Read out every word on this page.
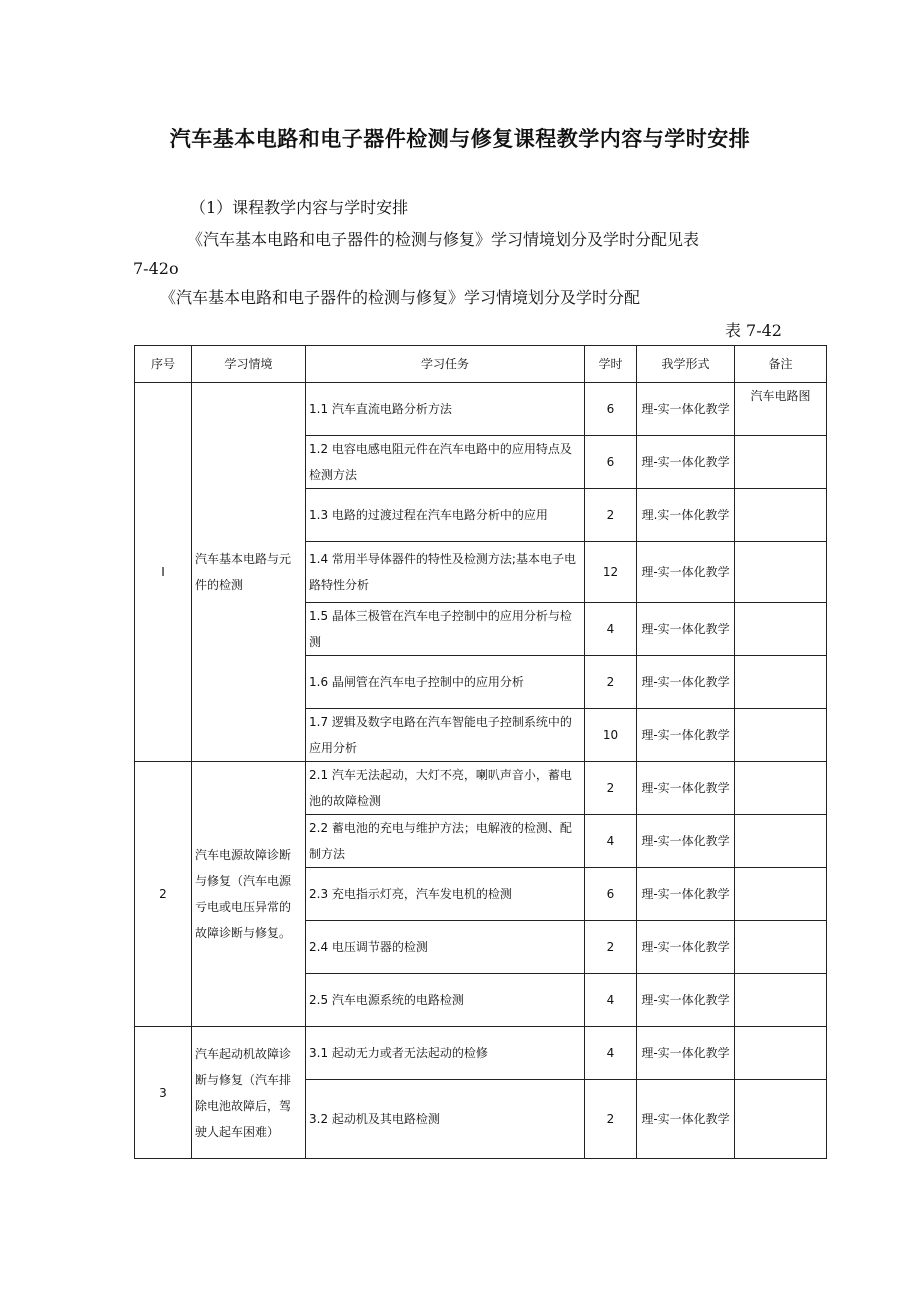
汽车基本电路和电子器件检测与修复课程教学内容与学时安排
（1）课程教学内容与学时安排
《汽车基本电路和电子器件的检测与修复》学习情境划分及学时分配见表
7-42o
《汽车基本电路和电子器件的检测与修复》学习情境划分及学时分配
表 7-42
序号	学习情境	学习任务	学时	我学形式	备注
I	汽车基本电路与元件的检测	1.1 汽车直流电路分析方法	6	理-实一体化教学	汽车电路图
		1.2 电容电感电阻元件在汽车电路中的应用特点及检测方法	6	理-实一体化教学	
		1.3 电路的过渡过程在汽车电路分析中的应用	2	理.实一体化教学	
		1.4 常用半导体器件的特性及检测方法;基本电子电路特性分析	12	理-实一体化教学	
		1.5 晶体三极管在汽车电子控制中的应用分析与检测	4	理-实一体化教学	
		1.6 晶闸管在汽车电子控制中的应用分析	2	理-实一体化教学	
		1.7 逻辑及数字电路在汽车智能电子控制系统中的应用分析	10	理-实一体化教学	
2	汽车电源故障诊断与修复（汽车电源亏电或电压异常的故障诊断与修复。	2.1 汽车无法起动，大灯不亮，喇叭声音小，蓄电池的故障检测	2	理-实一体化教学	
		2.2 蓄电池的充电与维护方法；电解液的检测、配制方法	4	理-实一体化教学	
		2.3 充电指示灯亮，汽车发电机的检测	6	理-实一体化教学	
		2.4 电压调节器的检测	2	理-实一体化教学	
		2.5 汽车电源系统的电路检测	4	理-实一体化教学	
3	汽车起动机故障诊断与修复（汽车排除电池故障后，驾驶人起车困难）	3.1 起动无力或者无法起动的检修	4	理-实一体化教学	
		3.2 起动机及其电路检测	2	理-实一体化教学	
